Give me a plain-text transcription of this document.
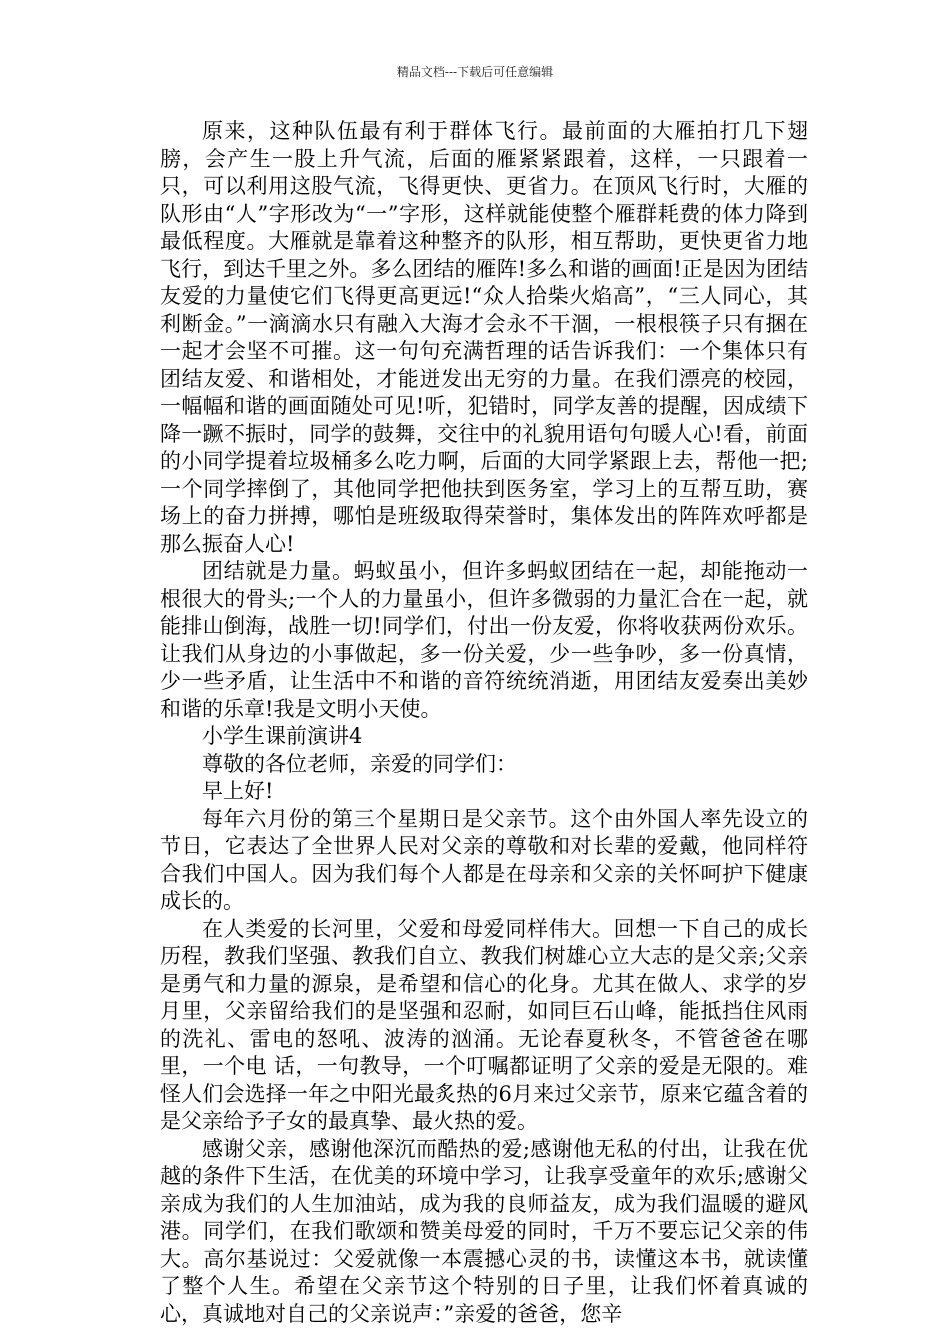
精品文档---下载后可任意编辑

原来，这种队伍最有利于群体飞行。最前面的大雁拍打几下翅膀，会产生一股上升气流，后面的雁紧紧跟着，这样，一只跟着一只，可以利用这股气流，飞得更快、更省力。在顶风飞行时，大雁的队形由“人”字形改为“一”字形，这样就能使整个雁群耗费的体力降到最低程度。大雁就是靠着这种整齐的队形，相互帮助，更快更省力地飞行，到达千里之外。多么团结的雁阵!多么和谐的画面!正是因为团结友爱的力量使它们飞得更高更远!“众人拾柴火焰高”，“三人同心，其利断金。”一滴滴水只有融入大海才会永不干涸，一根根筷子只有捆在一起才会坚不可摧。这一句句充满哲理的话告诉我们：一个集体只有团结友爱、和谐相处，才能迸发出无穷的力量。在我们漂亮的校园，一幅幅和谐的画面随处可见!听，犯错时，同学友善的提醒，因成绩下降一蹶不振时，同学的鼓舞，交往中的礼貌用语句句暖人心!看，前面的小同学提着垃圾桶多么吃力啊，后面的大同学紧跟上去，帮他一把;一个同学摔倒了，其他同学把他扶到医务室，学习上的互帮互助，赛场上的奋力拼搏，哪怕是班级取得荣誉时，集体发出的阵阵欢呼都是那么振奋人心!

团结就是力量。蚂蚁虽小，但许多蚂蚁团结在一起，却能拖动一根很大的骨头;一个人的力量虽小，但许多微弱的力量汇合在一起，就能排山倒海，战胜一切!同学们，付出一份友爱，你将收获两份欢乐。让我们从身边的小事做起，多一份关爱，少一些争吵，多一份真情，少一些矛盾，让生活中不和谐的音符统统消逝，用团结友爱奏出美妙和谐的乐章!我是文明小天使。

小学生课前演讲4

尊敬的各位老师，亲爱的同学们：

早上好!

每年六月份的第三个星期日是父亲节。这个由外国人率先设立的节日，它表达了全世界人民对父亲的尊敬和对长辈的爱戴，他同样符合我们中国人。因为我们每个人都是在母亲和父亲的关怀呵护下健康成长的。

在人类爱的长河里，父爱和母爱同样伟大。回想一下自己的成长历程，教我们坚强、教我们自立、教我们树雄心立大志的是父亲;父亲是勇气和力量的源泉，是希望和信心的化身。尤其在做人、求学的岁月里，父亲留给我们的是坚强和忍耐，如同巨石山峰，能抵挡住风雨的洗礼、雷电的怒吼、波涛的汹涌。无论春夏秋冬，不管爸爸在哪里，一个电 话，一句教导，一个叮嘱都证明了父亲的爱是无限的。难怪人们会选择一年之中阳光最炙热的6月来过父亲节，原来它蕴含着的是父亲给予子女的最真挚、最火热的爱。

感谢父亲，感谢他深沉而酷热的爱;感谢他无私的付出，让我在优越的条件下生活，在优美的环境中学习，让我享受童年的欢乐;感谢父亲成为我们的人生加油站，成为我的良师益友，成为我们温暖的避风港。同学们，在我们歌颂和赞美母爱的同时，千万不要忘记父亲的伟大。高尔基说过：父爱就像一本震撼心灵的书，读懂这本书，就读懂了整个人生。希望在父亲节这个特别的日子里，让我们怀着真诚的心，真诚地对自己的父亲说声：”亲爱的爸爸，您辛
